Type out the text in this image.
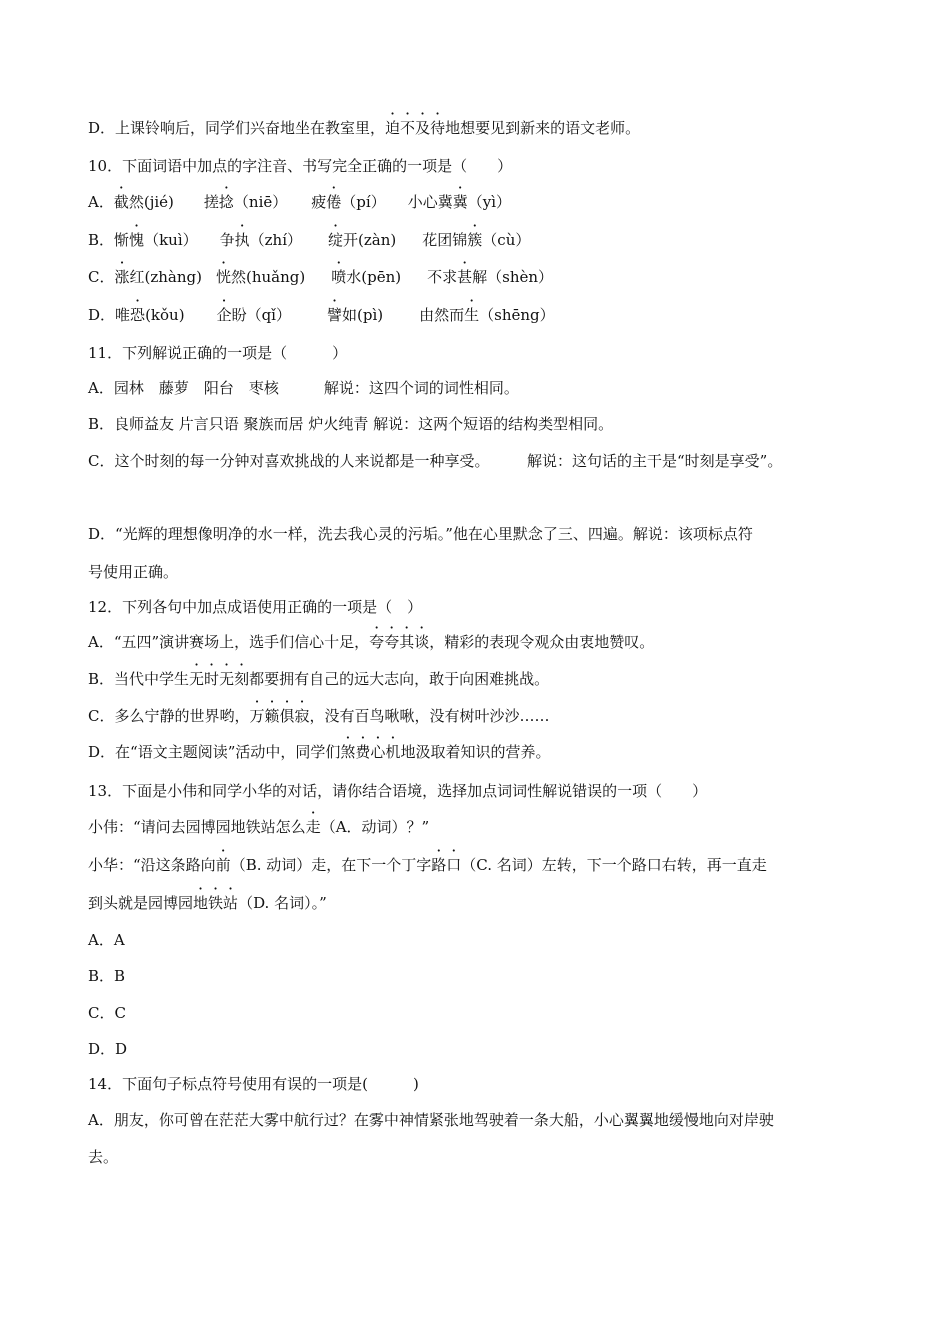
D．上课铃响后，同学们兴奋地坐在教室里，迫不及待地想要见到新来的语文老师。
10．下面词语中加点的字注音、书写完全正确的一项是（　　）
A．截然(jié) 搓捻（niē） 疲倦（pí） 小心冀冀（yì）
B．惭愧（kuì） 争执（zhí） 绽开(zàn) 花团锦簇（cù）
C．涨红(zhàng) 恍然(huǎng) 喷水(pēn) 不求甚解（shèn）
D．唯恐(kǒu) 企盼（qǐ） 譬如(pì) 由然而生（shēng）
11．下列解说正确的一项是（　　　）
A．园林　藤萝　阳台　枣核　　　解说：这四个词的词性相同。
B．良师益友 片言只语 聚族而居 炉火纯青 解说：这两个短语的结构类型相同。
C．这个时刻的每一分钟对喜欢挑战的人来说都是一种享受。　　　解说：这句话的主干是“时刻是享受”。
D．“光辉的理想像明净的水一样，洗去我心灵的污垢。”他在心里默念了三、四遍。解说：该项标点符
号使用正确。
12．下列各句中加点成语使用正确的一项是（　）
A．“五四”演讲赛场上，选手们信心十足，夸夸其谈，精彩的表现令观众由衷地赞叹。
B．当代中学生无时无刻都要拥有自己的远大志向，敢于向困难挑战。
C．多么宁静的世界哟，万籁俱寂，没有百鸟啾啾，没有树叶沙沙……
D．在“语文主题阅读”活动中，同学们煞费心机地汲取着知识的营养。
13．下面是小伟和同学小华的对话，请你结合语境，选择加点词词性解说错误的一项（　　）
小伟：“请问去园博园地铁站怎么走（A．动词）？”
小华：“沿这条路向前（B. 动词）走，在下一个丁字路口（C. 名词）左转，下一个路口右转，再一直走
到头就是园博园地铁站（D. 名词）。”
A．A
B．B
C．C
D．D
14．下面句子标点符号使用有误的一项是(　　　)
A．朋友，你可曾在茫茫大雾中航行过？在雾中神情紧张地驾驶着一条大船，小心翼翼地缓慢地向对岸驶
去。
